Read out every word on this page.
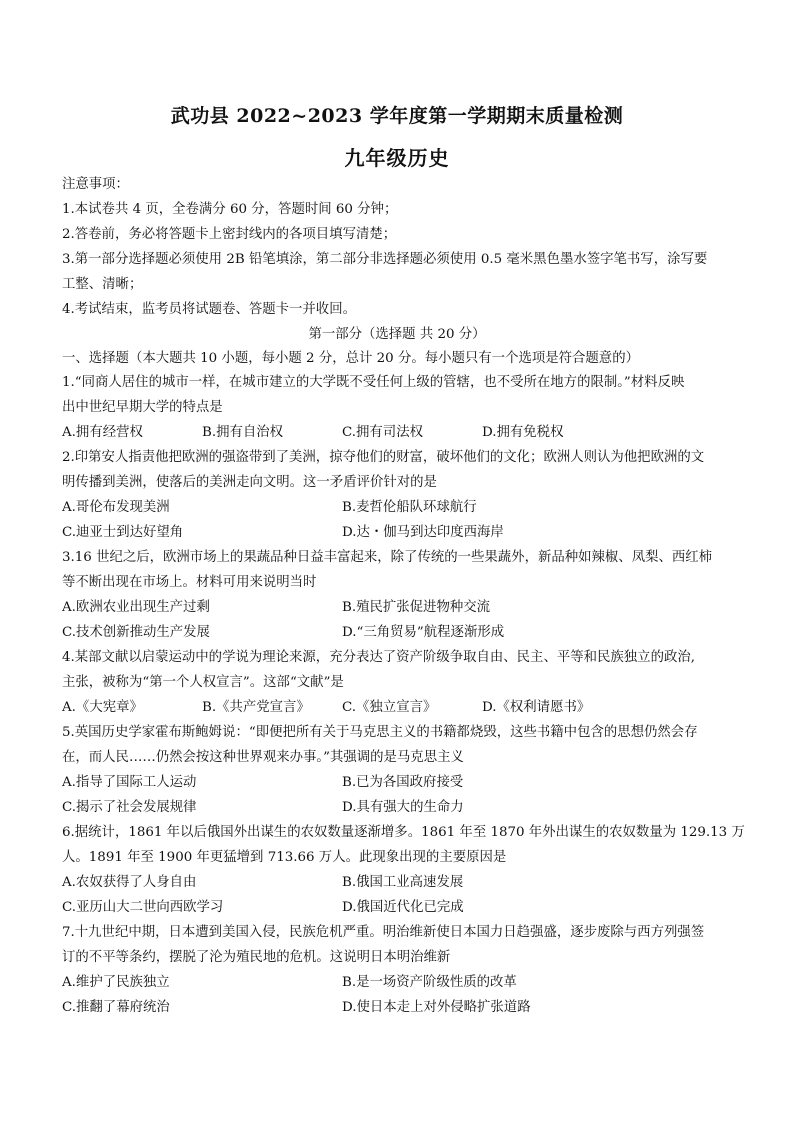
武功县 2022~2023 学年度第一学期期末质量检测
九年级历史
注意事项：
1.本试卷共 4 页，全卷满分 60 分，答题时间 60 分钟；
2.答卷前，务必将答题卡上密封线内的各项目填写清楚；
3.第一部分选择题必须使用 2B 铅笔填涂，第二部分非选择题必须使用 0.5 毫米黑色墨水签字笔书写，涂写要
工整、清晰；
4.考试结束，监考员将试题卷、答题卡一并收回。
第一部分（选择题 共 20 分）
一、选择题（本大题共 10 小题，每小题 2 分，总计 20 分。每小题只有一个选项是符合题意的）
1.“同商人居住的城市一样，在城市建立的大学既不受任何上级的管辖，也不受所在地方的限制。”材料反映
出中世纪早期大学的特点是
A.拥有经营权	B.拥有自治权	C.拥有司法权	D.拥有免税权
2.印第安人指责他把欧洲的强盗带到了美洲，掠夺他们的财富，破坏他们的文化；欧洲人则认为他把欧洲的文
明传播到美洲，使落后的美洲走向文明。这一矛盾评价针对的是
A.哥伦布发现美洲	B.麦哲伦船队环球航行
C.迪亚士到达好望角	D.达・伽马到达印度西海岸
3.16 世纪之后，欧洲市场上的果蔬品种日益丰富起来，除了传统的一些果蔬外，新品种如辣椒、凤梨、西红柿
等不断出现在市场上。材料可用来说明当时
A.欧洲农业出现生产过剩	B.殖民扩张促进物种交流
C.技术创新推动生产发展	D.“三角贸易”航程逐渐形成
4.某部文献以启蒙运动中的学说为理论来源，充分表达了资产阶级争取自由、民主、平等和民族独立的政治,
主张，被称为“第一个人权宣言”。这部“文献”是
A.《大宪章》	B.《共产党宣言》 C.《独立宣言》	D.《权利请愿书》
5.英国历史学家霍布斯鲍姆说：“即便把所有关于马克思主义的书籍都烧毁，这些书籍中包含的思想仍然会存
在，而人民……仍然会按这种世界观来办事。”其强调的是马克思主义
A.指导了国际工人运动	B.已为各国政府接受
C.揭示了社会发展规律	D.具有强大的生命力
6.据统计，1861 年以后俄国外出谋生的农奴数量逐渐增多。1861 年至 1870 年外出谋生的农奴数量为 129.13 万
人。1891 年至 1900 年更猛增到 713.66 万人。此现象出现的主要原因是
A.农奴获得了人身自由	B.俄国工业高速发展
C.亚历山大二世向西欧学习	D.俄国近代化已完成
7.十九世纪中期，日本遭到美国入侵，民族危机严重。明治维新使日本国力日趋强盛，逐步废除与西方列强签
订的不平等条约，摆脱了沦为殖民地的危机。这说明日本明治维新
A.维护了民族独立	B.是一场资产阶级性质的改革
C.推翻了幕府统治	D.使日本走上对外侵略扩张道路
